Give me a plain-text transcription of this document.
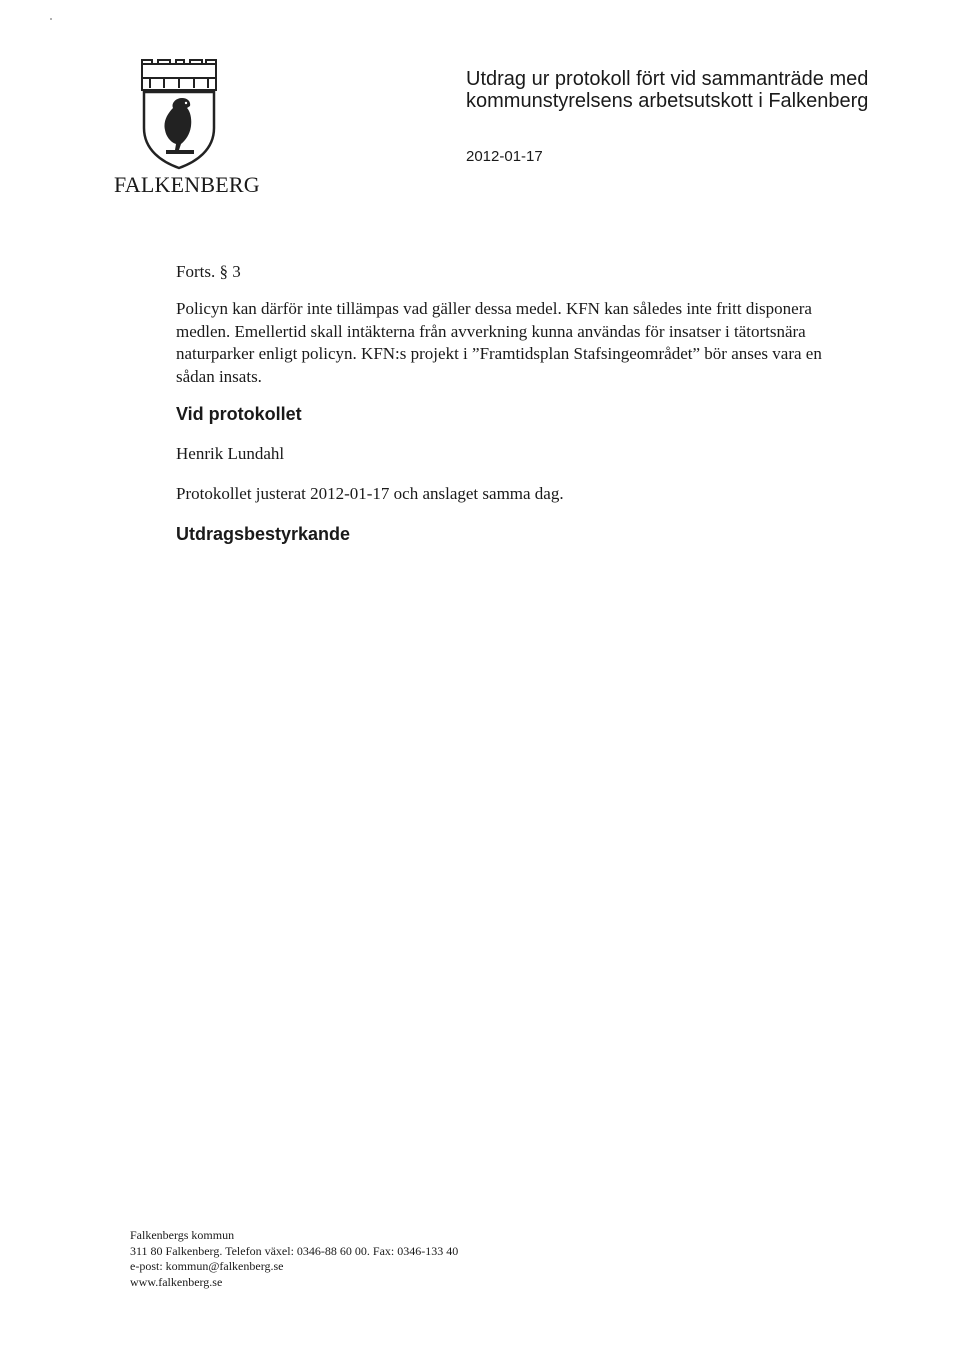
FALKENBERG
Utdrag ur protokoll fört vid sammanträde med
kommunstyrelsens arbetsutskott i Falkenberg
2012-01-17
Forts. § 3

Policyn kan därför inte tillämpas vad gäller dessa medel. KFN kan således inte fritt disponera medlen. Emellertid skall intäkterna från avverkning kunna användas för insatser i tätortsnära naturparker enligt policyn. KFN:s projekt i ”Framtidsplan Stafsingeområdet” bör anses vara en sådan insats.

Vid protokollet
Henrik Lundahl
Protokollet justerat 2012-01-17 och anslaget samma dag.
Utdragsbestyrkande
Falkenbergs kommun
311 80 Falkenberg. Telefon växel: 0346-88 60 00. Fax: 0346-133 40
e-post: kommun@falkenberg.se
www.falkenberg.se
